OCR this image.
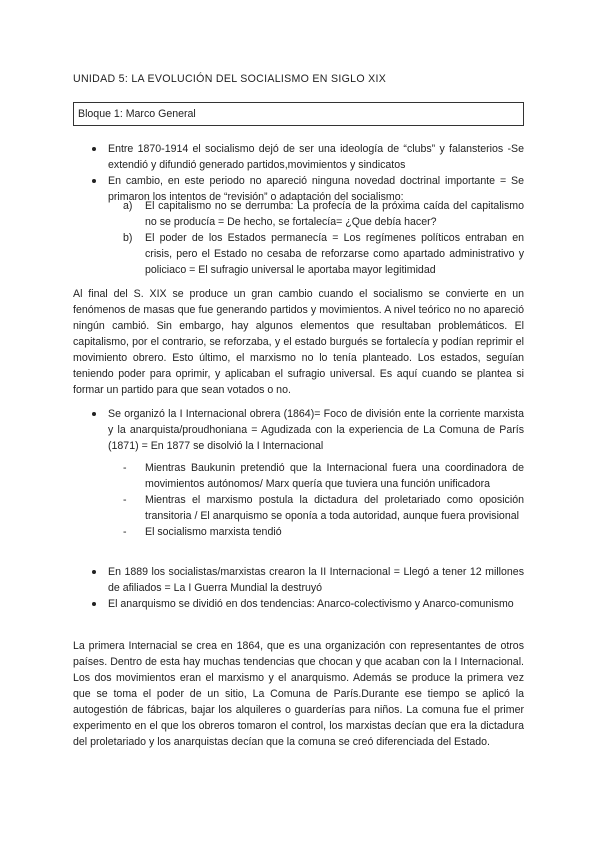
UNIDAD 5: LA EVOLUCIÓN DEL SOCIALISMO EN SIGLO XIX
Bloque 1: Marco General
Entre 1870-1914 el socialismo dejó de ser una ideología de “clubs” y falansterios -Se extendió y difundió generado partidos,movimientos y sindicatos
En cambio, en este periodo no apareció ninguna novedad doctrinal importante = Se primaron los intentos de “revisión” o adaptación del socialismo:
a) El capitalismo no se derrumba: La profecía de la próxima caída del capitalismo no se producía = De hecho, se fortalecía= ¿Que debía hacer?
b) El poder de los Estados permanecía = Los regímenes políticos entraban en crisis, pero el Estado no cesaba de reforzarse como apartado administrativo y policiaco = El sufragio universal le aportaba mayor legitimidad
Al final del S. XIX se produce un gran cambio cuando el socialismo se convierte en un fenómenos de masas que fue generando partidos y movimientos. A nivel teórico no no apareció ningún cambió. Sin embargo, hay algunos elementos que resultaban problemáticos. El capitalismo, por el contrario, se reforzaba, y el estado burgués se fortalecía y podían reprimir el movimiento obrero. Esto último, el marxismo no lo tenía planteado. Los estados, seguían teniendo poder para oprimir, y aplicaban el sufragio universal. Es aquí cuando se plantea si formar un partido para que sean votados o no.
Se organizó la I Internacional obrera (1864)= Foco de división ente la corriente marxista y la anarquista/proudhoniana = Agudizada con la experiencia de La Comuna de París (1871) = En 1877 se disolvió la I Internacional
- Mientras Baukunin pretendió que la Internacional fuera una coordinadora de movimientos autónomos/ Marx quería que tuviera una función unificadora
- Mientras el marxismo postula la dictadura del proletariado como oposición transitoria / El anarquismo se oponía a toda autoridad, aunque fuera provisional
- El socialismo marxista tendió
En 1889 los socialistas/marxistas crearon la II Internacional = Llegó a tener 12 millones de afiliados = La I Guerra Mundial la destruyó
El anarquismo se dividió en dos tendencias: Anarco-colectivismo y Anarco-comunismo
La primera Internacial se crea en 1864, que es una organización con representantes de otros países. Dentro de esta hay muchas tendencias que chocan y que acaban con la I Internacional. Los dos movimientos eran el marxismo y el anarquismo. Además se produce la primera vez que se toma el poder de un sitio, La Comuna de París.Durante ese tiempo se aplicó la autogestión de fábricas, bajar los alquileres o guarderías para niños. La comuna fue el primer experimento en el que los obreros tomaron el control, los marxistas decían que era la dictadura del proletariado y los anarquistas decían que la comuna se creó diferenciada del Estado.
